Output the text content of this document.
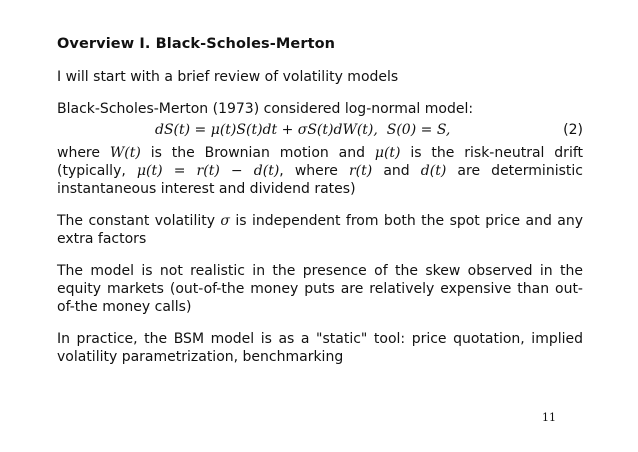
Overview I. Black-Scholes-Merton
I will start with a brief review of volatility models
Black-Scholes-Merton (1973) considered log-normal model:
dS(t) = μ(t)S(t)dt + σS(t)dW(t), S(0) = S,	(2)
where W(t) is the Brownian motion and μ(t) is the risk-neutral drift (typically, μ(t) = r(t) − d(t), where r(t) and d(t) are deterministic instantaneous interest and dividend rates)
The constant volatility σ is independent from both the spot price and any extra factors
The model is not realistic in the presence of the skew observed in the equity markets (out-of-the money puts are relatively expensive than out-of-the money calls)
In practice, the BSM model is as a "static" tool: price quotation, implied volatility parametrization, benchmarking
11
